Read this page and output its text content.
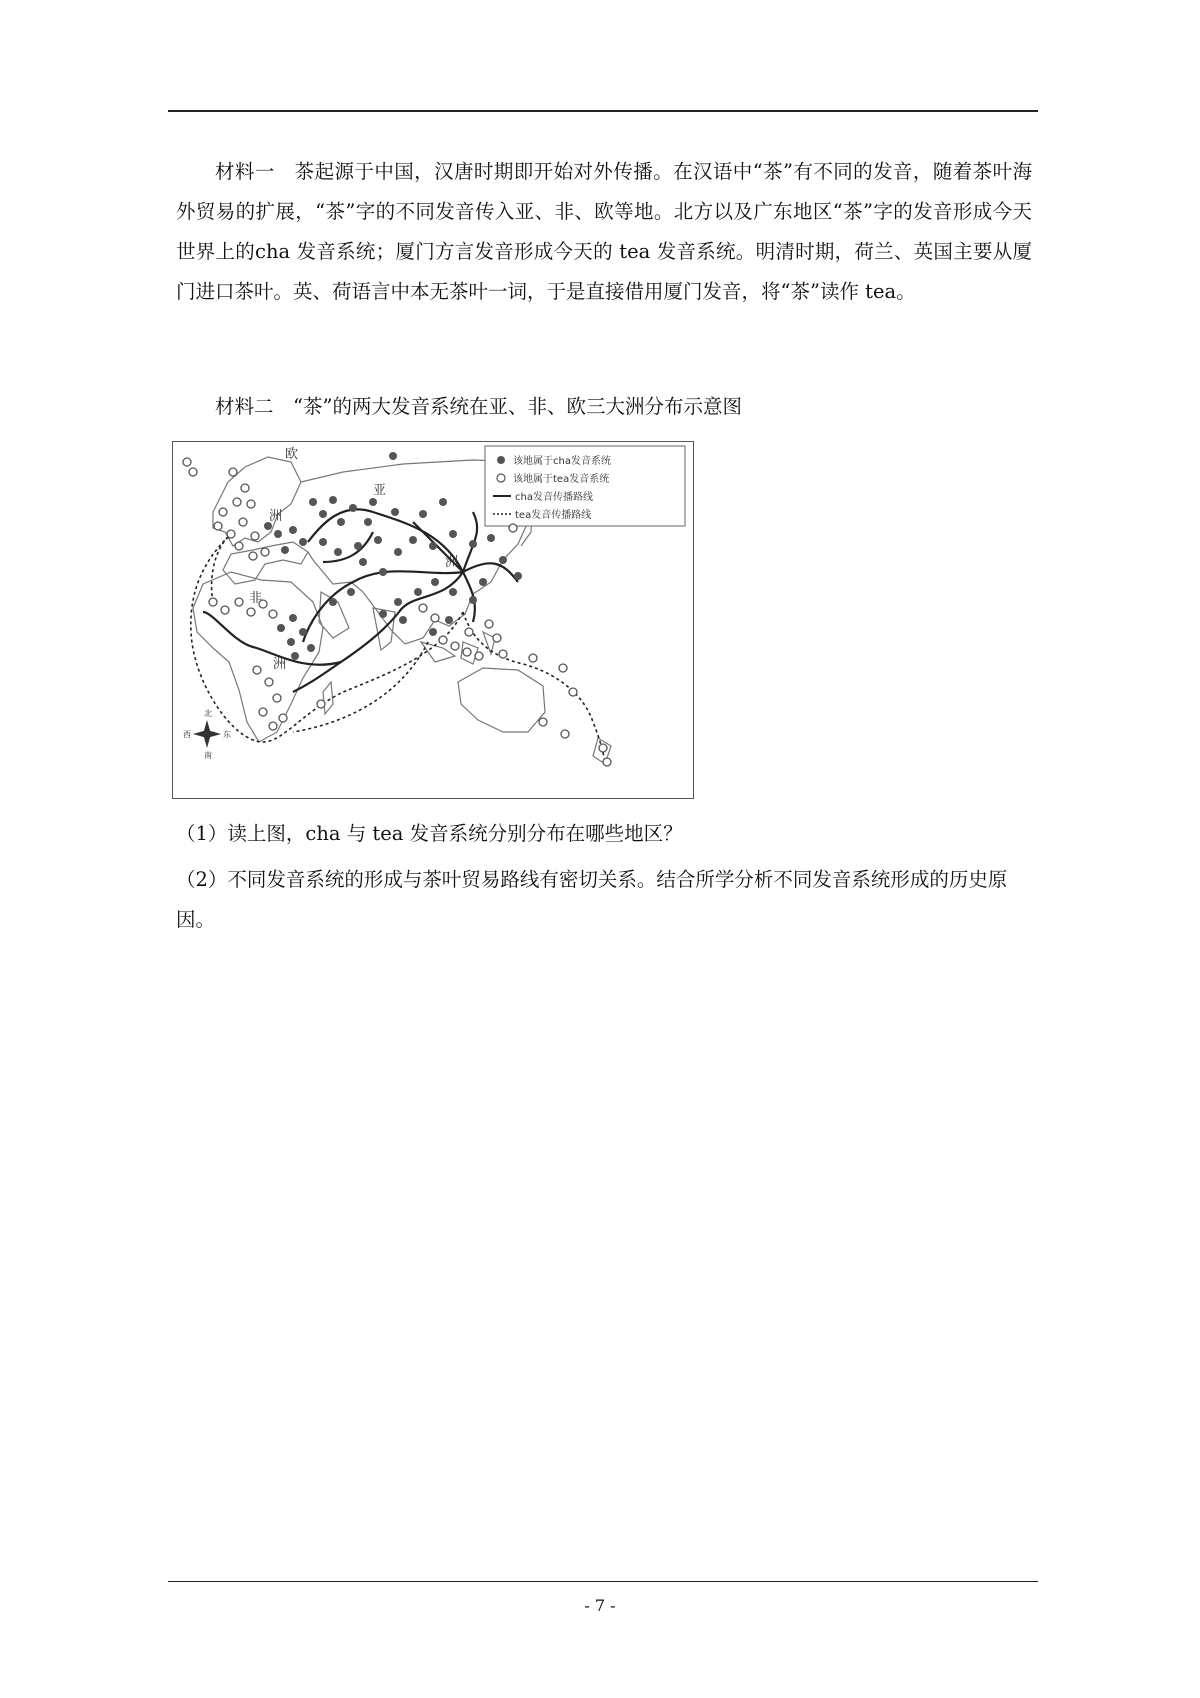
材料一　茶起源于中国，汉唐时期即开始对外传播。在汉语中“茶”有不同的发音，随着茶叶海外贸易的扩展，“茶”字的不同发音传入亚、非、欧等地。北方以及广东地区“茶”字的发音形成今天世界上的cha 发音系统；厦门方言发音形成今天的 tea 发音系统。明清时期，荷兰、英国主要从厦门进口茶叶。英、荷语言中本无茶叶一词，于是直接借用厦门发音，将“茶”读作 tea。

材料二　“茶”的两大发音系统在亚、非、欧三大洲分布示意图

该地属于cha发音系统
该地属于tea发音系统
cha发音传播路线
tea发音传播路线
欧
洲
亚
洲
非
洲
北
南
东
西

（1）读上图，cha 与 tea 发音系统分别分布在哪些地区？

（2）不同发音系统的形成与茶叶贸易路线有密切关系。结合所学分析不同发音系统形成的历史原因。

- 7 -
